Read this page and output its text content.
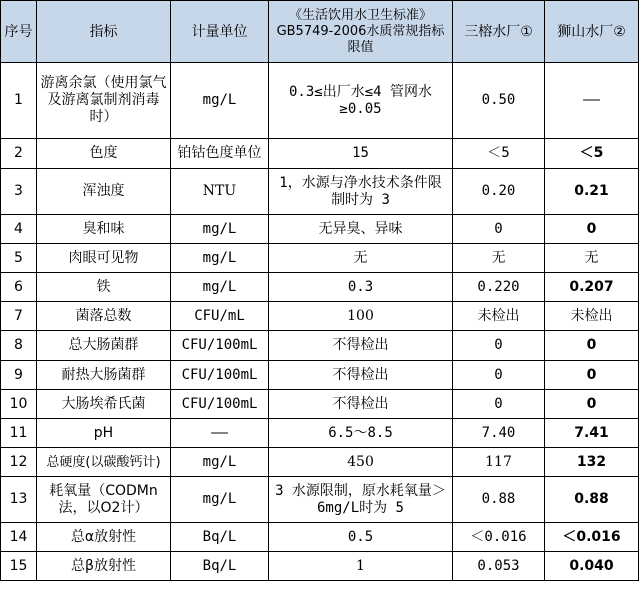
序号	指标	计量单位	《生活饮用水卫生标准》GB5749-2006水质常规指标限值	三榕水厂①	狮山水厂②
1	游离余氯（使用氯气及游离氯制剂消毒时）	mg/L	0.3≤出厂水≤4 管网水≥0.05	0.50	——
2	色度	铂钴色度单位	15	＜5	＜5
3	浑浊度	NTU	1，水源与净水技术条件限制时为 3	0.20	0.21
4	臭和味	mg/L	无异臭、异味	0	0
5	肉眼可见物	mg/L	无	无	无
6	铁	mg/L	0.3	0.220	0.207
7	菌落总数	CFU/mL	100	未检出	未检出
8	总大肠菌群	CFU/100mL	不得检出	0	0
9	耐热大肠菌群	CFU/100mL	不得检出	0	0
10	大肠埃希氏菌	CFU/100mL	不得检出	0	0
11	pH	——	6.5～8.5	7.40	7.41
12	总硬度(以碳酸钙计)	mg/L	450	117	132
13	耗氧量（CODMn法，以O2计）	mg/L	3 水源限制，原水耗氧量＞6mg/L时为 5	0.88	0.88
14	总α放射性	Bq/L	0.5	＜0.016	＜0.016
15	总β放射性	Bq/L	1	0.053	0.040
